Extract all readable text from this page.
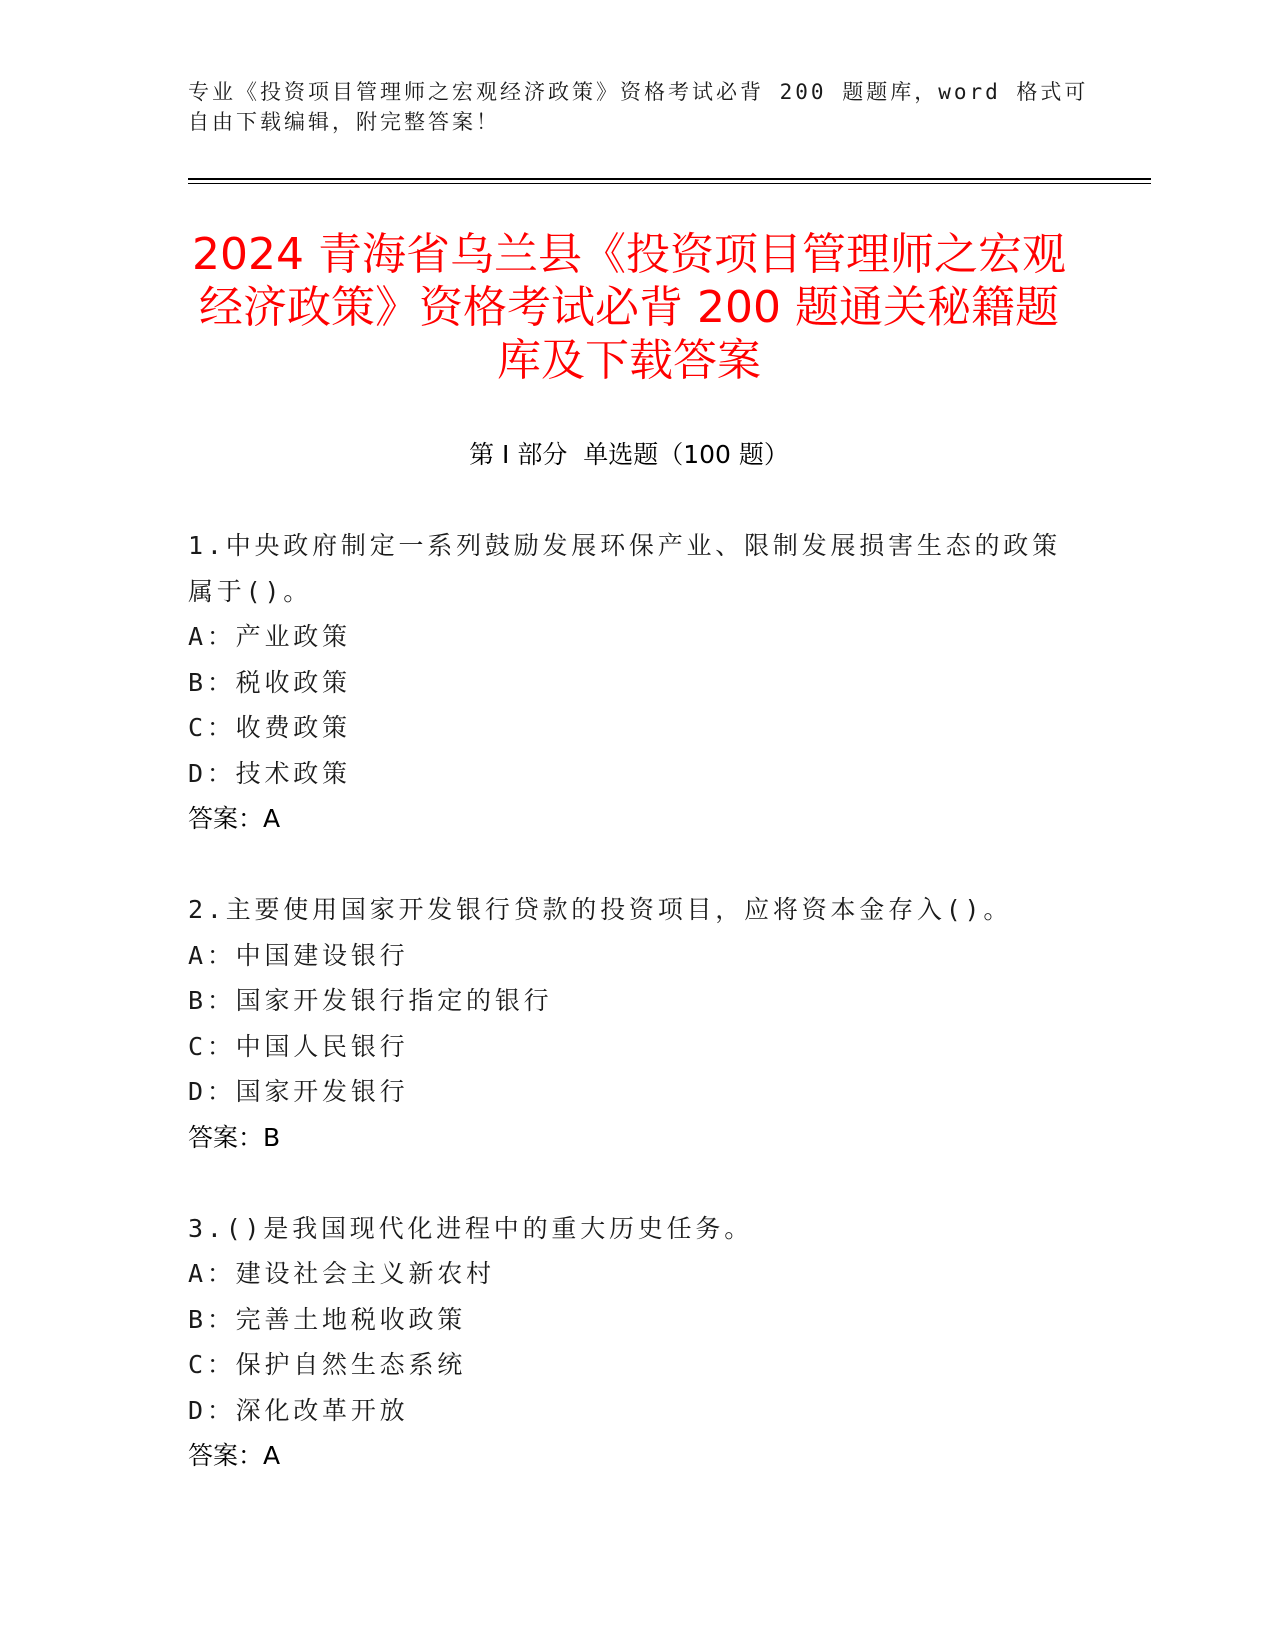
专业《投资项目管理师之宏观经济政策》资格考试必背 200 题题库，word 格式可
自由下载编辑，附完整答案！
2024 青海省乌兰县《投资项目管理师之宏观
经济政策》资格考试必背 200 题通关秘籍题
库及下载答案
第 I 部分  单选题（100 题）
1.中央政府制定一系列鼓励发展环保产业、限制发展损害生态的政策
属于()。
A：产业政策
B：税收政策
C：收费政策
D：技术政策
答案：A
2.主要使用国家开发银行贷款的投资项目，应将资本金存入()。
A：中国建设银行
B：国家开发银行指定的银行
C：中国人民银行
D：国家开发银行
答案：B
3.()是我国现代化进程中的重大历史任务。
A：建设社会主义新农村
B：完善土地税收政策
C：保护自然生态系统
D：深化改革开放
答案：A
